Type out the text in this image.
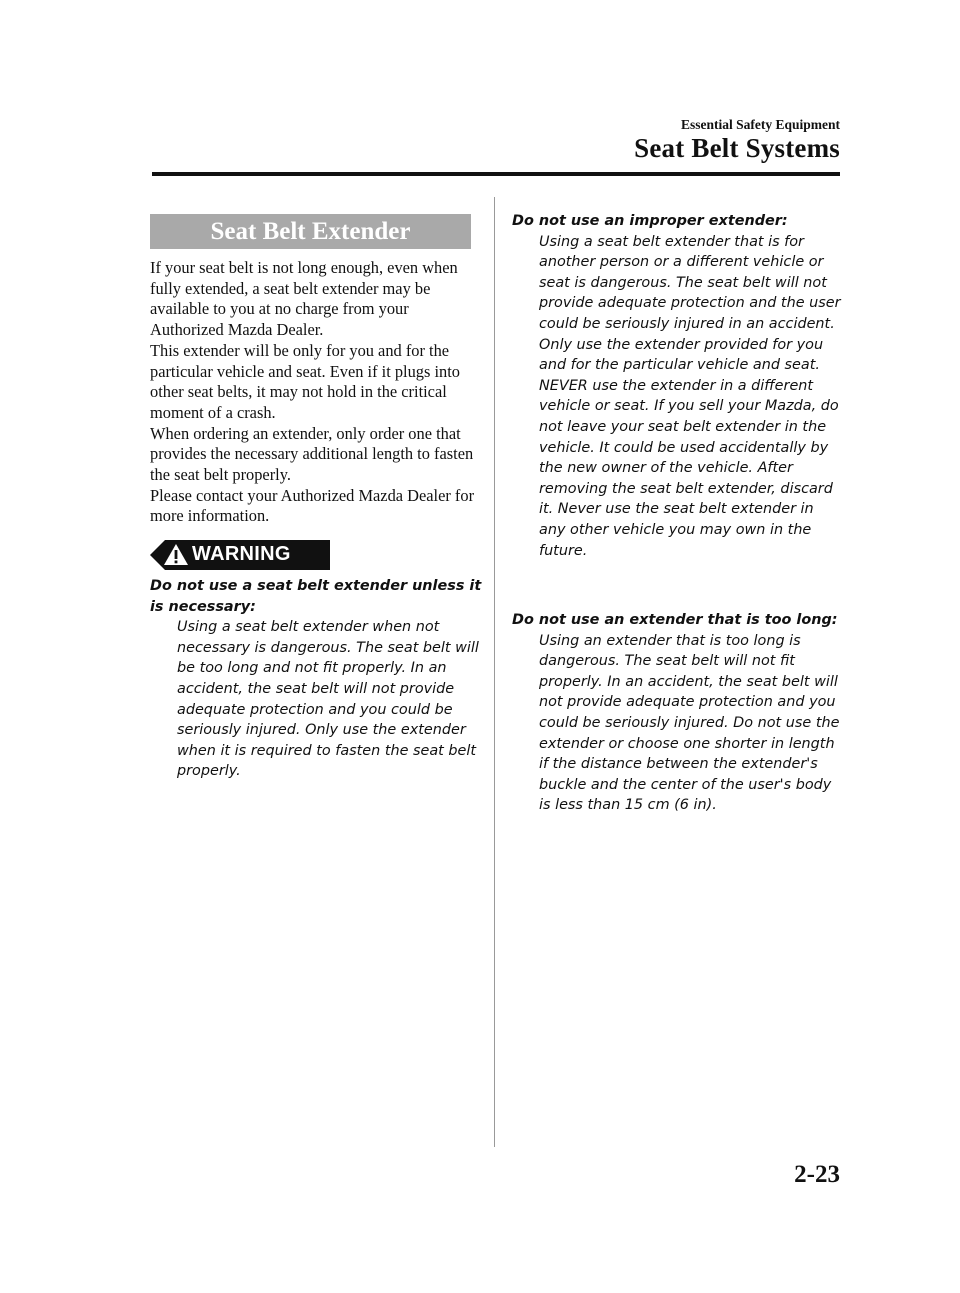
Essential Safety Equipment
Seat Belt Systems
Seat Belt Extender

If your seat belt is not long enough, even when fully extended, a seat belt extender may be available to you at no charge from your Authorized Mazda Dealer.

This extender will be only for you and for the particular vehicle and seat. Even if it plugs into other seat belts, it may not hold in the critical moment of a crash.

When ordering an extender, only order one that provides the necessary additional length to fasten the seat belt properly.

Please contact your Authorized Mazda Dealer for more information.

WARNING

Do not use a seat belt extender unless it is necessary:

Using a seat belt extender when not necessary is dangerous. The seat belt will be too long and not fit properly. In an accident, the seat belt will not provide adequate protection and you could be seriously injured. Only use the extender when it is required to fasten the seat belt properly.

Do not use an improper extender:

Using a seat belt extender that is for another person or a different vehicle or seat is dangerous. The seat belt will not provide adequate protection and the user could be seriously injured in an accident. Only use the extender provided for you and for the particular vehicle and seat. NEVER use the extender in a different vehicle or seat. If you sell your Mazda, do not leave your seat belt extender in the vehicle. It could be used accidentally by the new owner of the vehicle. After removing the seat belt extender, discard it. Never use the seat belt extender in any other vehicle you may own in the future.

Do not use an extender that is too long:

Using an extender that is too long is dangerous. The seat belt will not fit properly. In an accident, the seat belt will not provide adequate protection and you could be seriously injured. Do not use the extender or choose one shorter in length if the distance between the extender's buckle and the center of the user's body is less than 15 cm (6 in).

2-23
